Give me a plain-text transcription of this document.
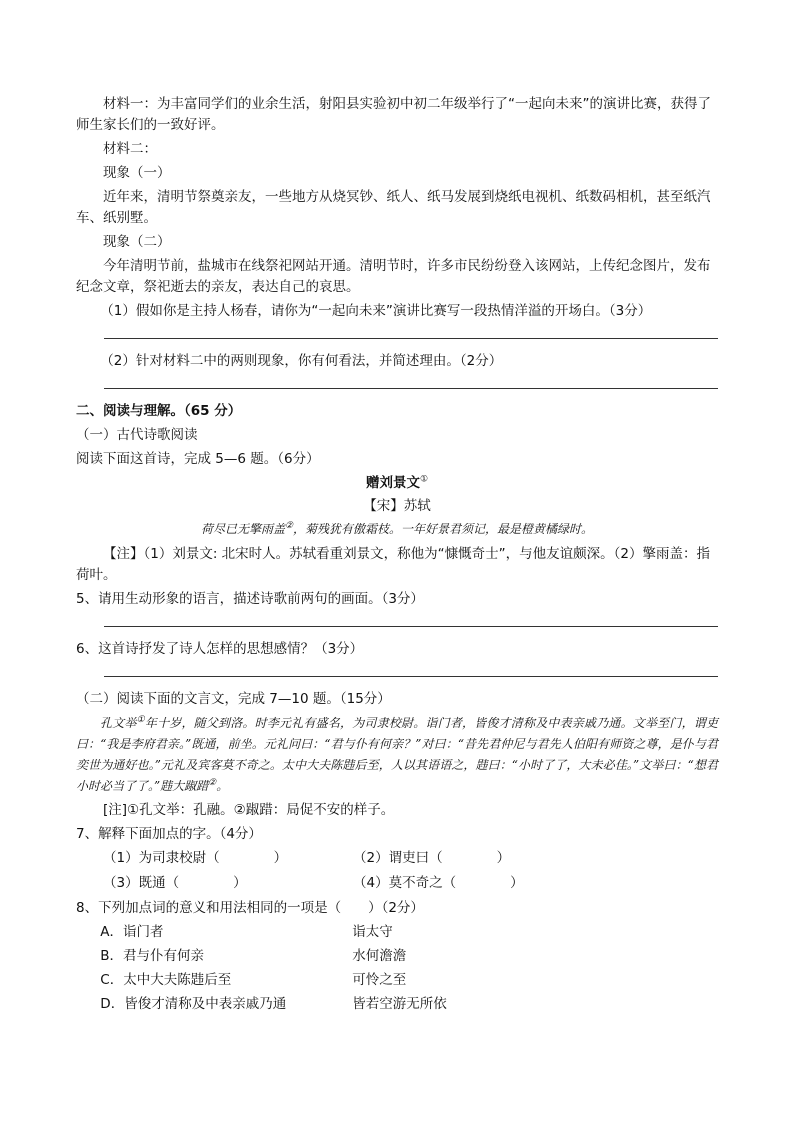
材料一：为丰富同学们的业余生活，射阳县实验初中初二年级举行了“一起向未来”的演讲比赛，获得了师生家长们的一致好评。

材料二：

现象（一）

近年来，清明节祭奠亲友，一些地方从烧冥钞、纸人、纸马发展到烧纸电视机、纸数码相机，甚至纸汽车、纸别墅。

现象（二）

今年清明节前，盐城市在线祭祀网站开通。清明节时，许多市民纷纷登入该网站，上传纪念图片，发布纪念文章，祭祀逝去的亲友，表达自己的哀思。

（1）假如你是主持人杨春，请你为“一起向未来”演讲比赛写一段热情洋溢的开场白。（3分）

（2）针对材料二中的两则现象，你有何看法，并简述理由。（2分）

二、阅读与理解。（65 分）

（一）古代诗歌阅读

阅读下面这首诗，完成 5—6 题。（6分）

赠刘景文①

【宋】苏轼

荷尽已无擎雨盖②，菊残犹有傲霜枝。一年好景君须记，最是橙黄橘绿时。

【注】（1）刘景文: 北宋时人。苏轼看重刘景文，称他为“慷慨奇士”，与他友谊颇深。（2）擎雨盖：指荷叶。

5、请用生动形象的语言，描述诗歌前两句的画面。（3分）

6、这首诗抒发了诗人怎样的思想感情？（3分）

（二）阅读下面的文言文，完成 7—10 题。（15分）

孔文举①年十岁，随父到洛。时李元礼有盛名，为司隶校尉。诣门者，皆俊才清称及中表亲戚乃通。文举至门，谓吏曰：“我是李府君亲。”既通，前坐。元礼问曰：“君与仆有何亲？”对曰：“昔先君仲尼与君先人伯阳有师资之尊，是仆与君奕世为通好也。”元礼及宾客莫不奇之。太中大夫陈韪后至，人以其语语之，韪曰：“小时了了，大未必佳。”文举曰：“想君小时必当了了。”韪大踧踖②。

[注]①孔文举：孔融。②踧踖：局促不安的样子。

7、解释下面加点的字。（4分）

（1）为司隶校尉（　　　　）	（2）谓吏曰（　　　　）
（3）既通（　　　　）	（4）莫不奇之（　　　　）

8、下列加点词的意义和用法相同的一项是（　　）（2分）

A．诣门者	诣太守
B．君与仆有何亲	水何澹澹
C．太中大夫陈韪后至	可怜之至
D．皆俊才清称及中表亲戚乃通	皆若空游无所依
